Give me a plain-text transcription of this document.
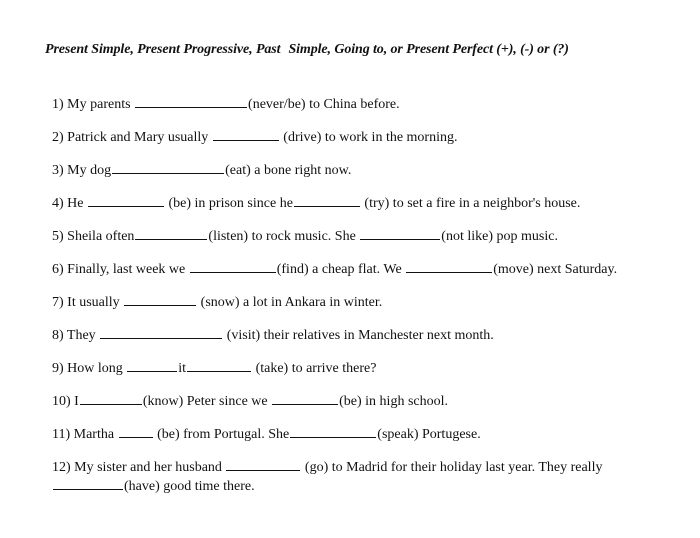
Present Simple, Present Progressive, Past Simple, Going to, or Present Perfect (+), (-) or (?)
1) My parents	(never/be) to China before.
2) Patrick and Mary usually	(drive) to work in the morning.
3) My dog	(eat) a bone right now.
4) He	(be) in prison since he	(try) to set a fire in a neighbor's house.
5) Sheila often	(listen) to rock music. She	(not like) pop music.
6) Finally, last week we	(find) a cheap flat. We	(move) next Saturday.
7) It usually	(snow) a lot in Ankara in winter.
8) They	(visit) their relatives in Manchester next month.
9) How long	it	(take) to arrive there?
10) I	(know) Peter since we	(be) in high school.
11) Martha	(be) from Portugal. She	(speak) Portugese.
12) My sister and her husband	(go) to Madrid for their holiday last year. They really
(have) good time there.
